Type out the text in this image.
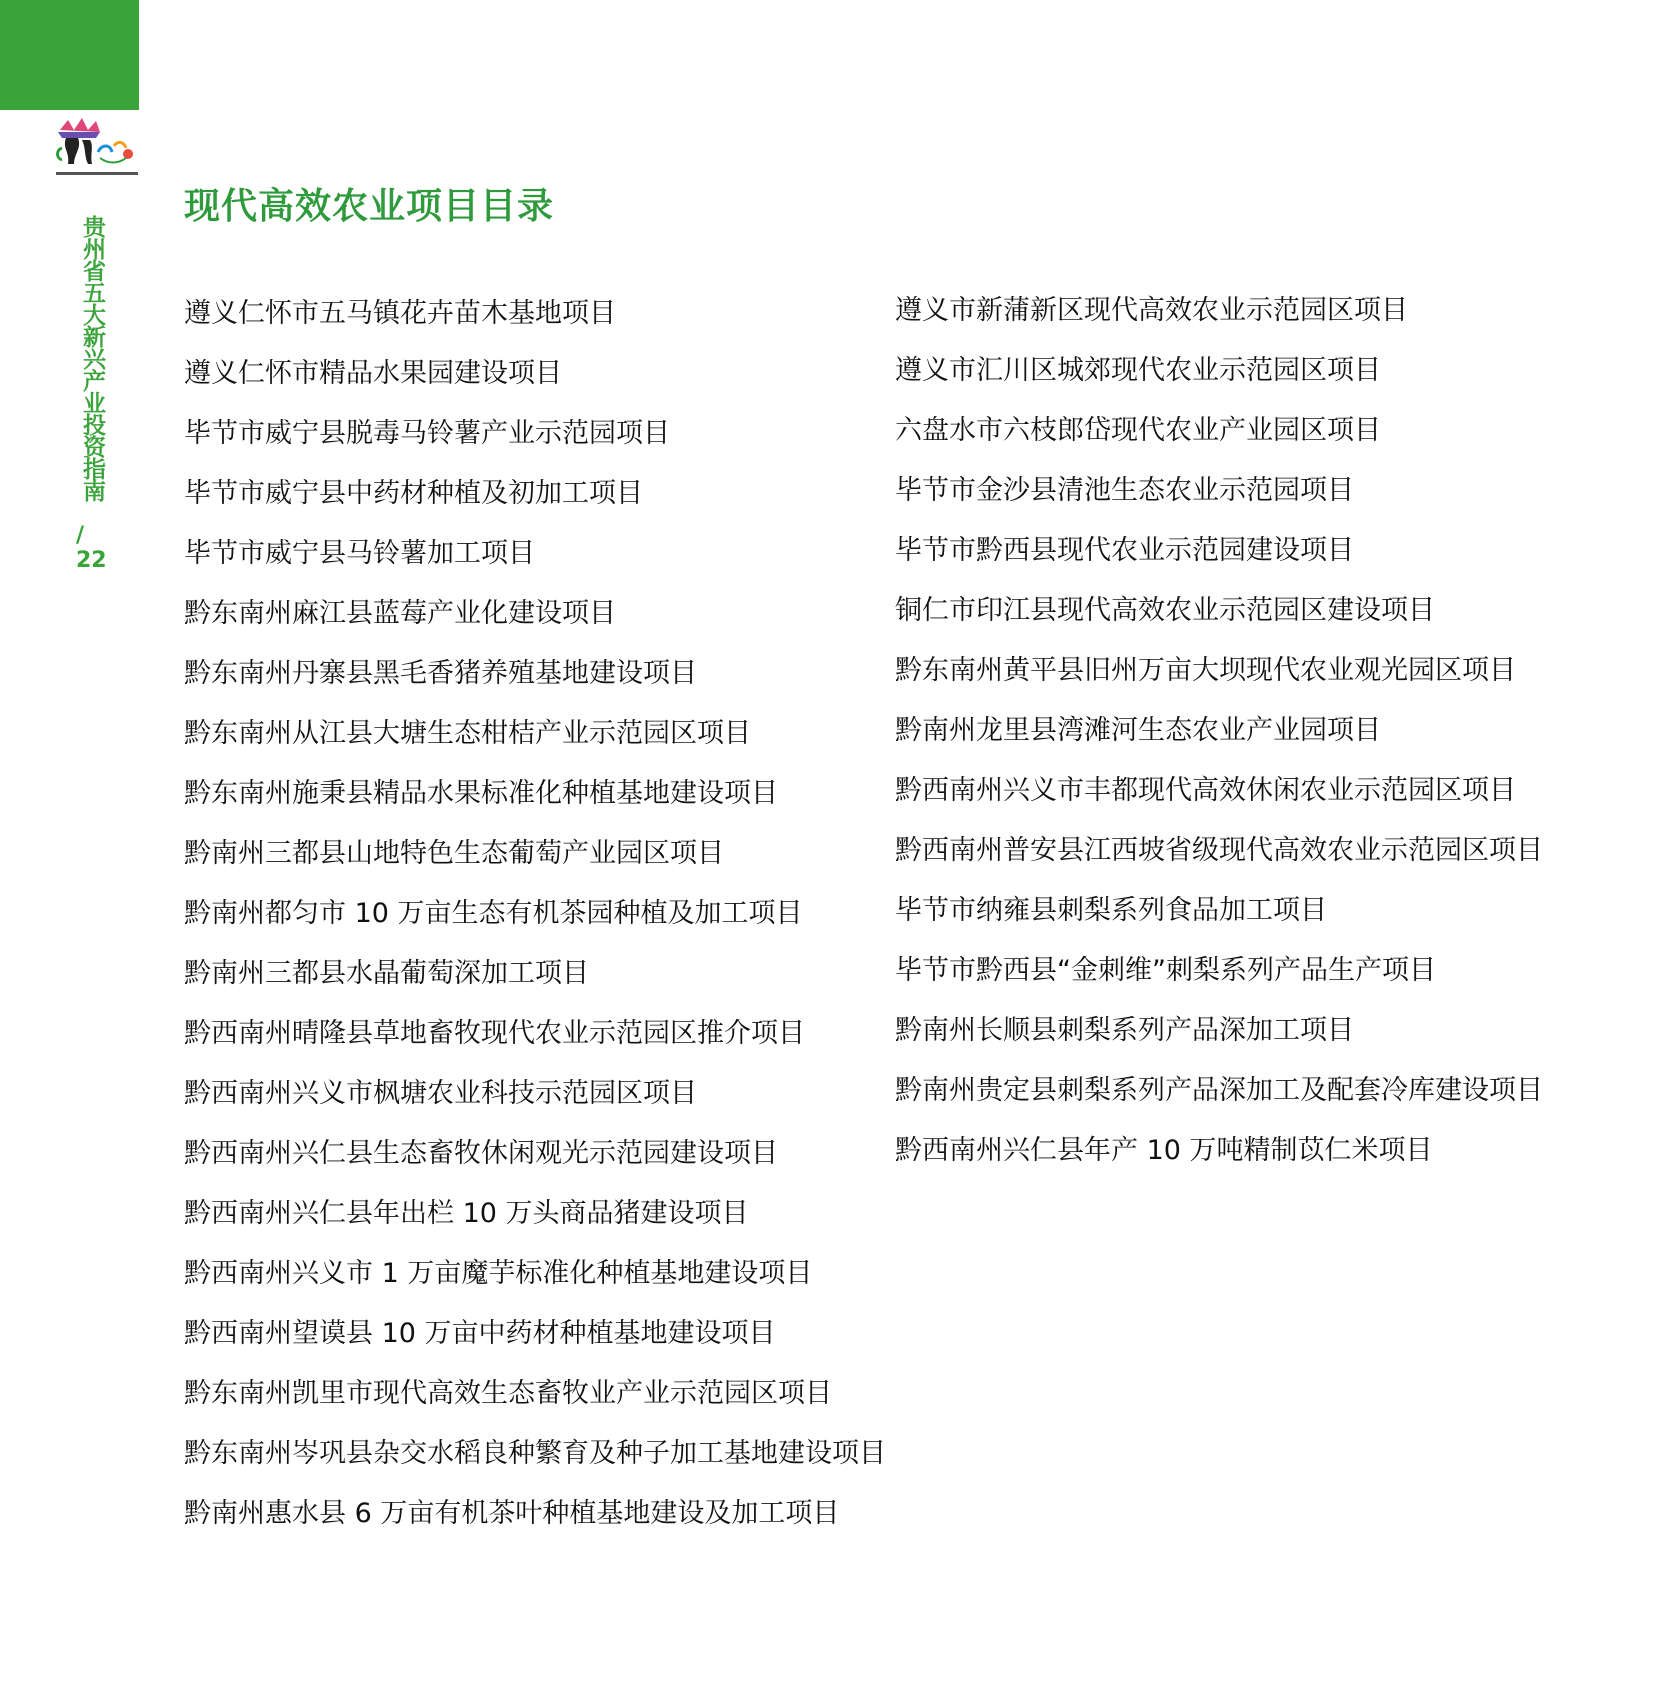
贵州省五大新兴产业投资指南
/ 22
现代高效农业项目目录
遵义仁怀市五马镇花卉苗木基地项目
遵义仁怀市精品水果园建设项目
毕节市威宁县脱毒马铃薯产业示范园项目
毕节市威宁县中药材种植及初加工项目
毕节市威宁县马铃薯加工项目
黔东南州麻江县蓝莓产业化建设项目
黔东南州丹寨县黑毛香猪养殖基地建设项目
黔东南州从江县大塘生态柑桔产业示范园区项目
黔东南州施秉县精品水果标准化种植基地建设项目
黔南州三都县山地特色生态葡萄产业园区项目
黔南州都匀市 10 万亩生态有机茶园种植及加工项目
黔南州三都县水晶葡萄深加工项目
黔西南州晴隆县草地畜牧现代农业示范园区推介项目
黔西南州兴义市枫塘农业科技示范园区项目
黔西南州兴仁县生态畜牧休闲观光示范园建设项目
黔西南州兴仁县年出栏 10 万头商品猪建设项目
黔西南州兴义市 1 万亩魔芋标准化种植基地建设项目
黔西南州望谟县 10 万亩中药材种植基地建设项目
黔东南州凯里市现代高效生态畜牧业产业示范园区项目
黔东南州岑巩县杂交水稻良种繁育及种子加工基地建设项目
黔南州惠水县 6 万亩有机茶叶种植基地建设及加工项目
遵义市新蒲新区现代高效农业示范园区项目
遵义市汇川区城郊现代农业示范园区项目
六盘水市六枝郎岱现代农业产业园区项目
毕节市金沙县清池生态农业示范园项目
毕节市黔西县现代农业示范园建设项目
铜仁市印江县现代高效农业示范园区建设项目
黔东南州黄平县旧州万亩大坝现代农业观光园区项目
黔南州龙里县湾滩河生态农业产业园项目
黔西南州兴义市丰都现代高效休闲农业示范园区项目
黔西南州普安县江西坡省级现代高效农业示范园区项目
毕节市纳雍县刺梨系列食品加工项目
毕节市黔西县“金刺维”刺梨系列产品生产项目
黔南州长顺县刺梨系列产品深加工项目
黔南州贵定县刺梨系列产品深加工及配套冷库建设项目
黔西南州兴仁县年产 10 万吨精制苡仁米项目
